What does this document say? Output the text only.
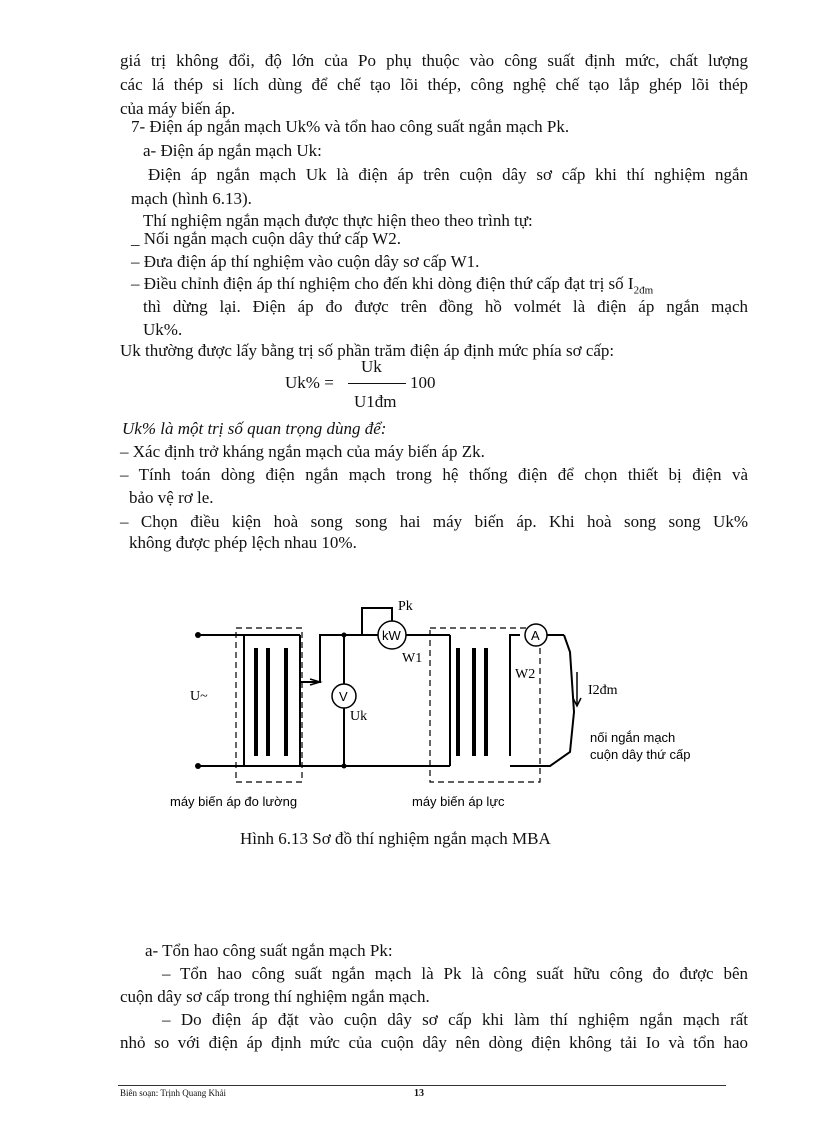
giá trị không đổi, độ lớn của Po phụ thuộc vào công suất định mức, chất lượng
các lá thép si lích dùng để chế tạo lõi thép, công nghệ chế tạo lắp ghép lõi thép
của máy biến áp.
7- Điện áp ngắn mạch Uk% và tổn hao công suất ngắn mạch Pk.
a- Điện áp ngắn mạch Uk:
Điện áp ngắn mạch Uk là điện áp trên cuộn dây sơ cấp khi thí nghiệm ngắn
mạch (hình 6.13).
Thí nghiệm ngắn mạch được thực hiện theo theo trình tự:
_ Nối ngắn mạch cuộn dây thứ cấp W2.
– Đưa điện áp thí nghiệm vào cuộn dây sơ cấp W1.
– Điều chỉnh điện áp thí nghiệm cho đến khi dòng điện thứ cấp đạt trị số $I_{2đm}$
thì dừng lại. Điện áp đo được trên đồng hồ volmét là điện áp ngắn mạch
Uk%.
Uk thường được lấy bằng trị số phần trăm điện áp định mức phía sơ cấp:
Uk
Uk% =	100
U1đm
Uk% là một trị số quan trọng dùng để:
– Xác định trở kháng ngắn mạch của máy biến áp Zk.
– Tính toán dòng điện ngắn mạch trong hệ thống điện để chọn thiết bị điện và
bảo vệ rơ le.
– Chọn điều kiện hoà song song hai máy biến áp. Khi hoà song song Uk%
không được phép lệch nhau 10%.
kW	A
V
Pk
Uk
U~
W1
W2
I2đm
nối ngắn mạch
cuộn dây thứ cấp
máy biến áp đo lường	máy biến áp lực
Hình 6.13 Sơ đồ thí nghiệm ngắn mạch MBA
a- Tổn hao công suất ngắn mạch Pk:
– Tổn hao công suất ngắn mạch là Pk là công suất hữu công đo được bên
cuộn dây sơ cấp trong thí nghiệm ngắn mạch.
– Do điện áp đặt vào cuộn dây sơ cấp khi làm thí nghiệm ngắn mạch rất
nhỏ so với điện áp định mức của cuộn dây nên dòng điện không tải Io và tổn hao
Biên soạn: Trịnh Quang Khải	13
